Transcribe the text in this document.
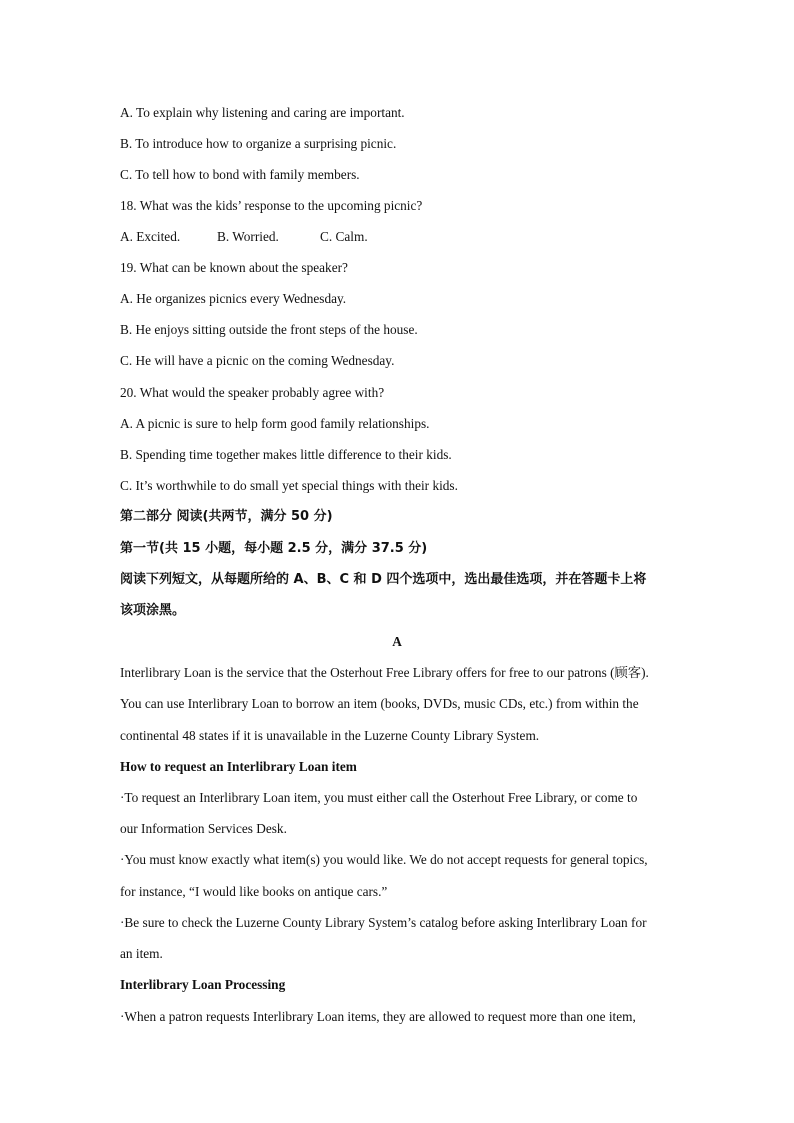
A. To explain why listening and caring are important.
B. To introduce how to organize a surprising picnic.
C. To tell how to bond with family members.
18. What was the kids’ response to the upcoming picnic?
A. Excited.	B. Worried.	C. Calm.
19. What can be known about the speaker?
A. He organizes picnics every Wednesday.
B. He enjoys sitting outside the front steps of the house.
C. He will have a picnic on the coming Wednesday.
20. What would the speaker probably agree with?
A. A picnic is sure to help form good family relationships.
B. Spending time together makes little difference to their kids.
C. It’s worthwhile to do small yet special things with their kids.
第二部分 阅读(共两节，满分 50 分)
第一节(共 15 小题，每小题 2.5 分，满分 37.5 分)
阅读下列短文，从每题所给的 A、B、C 和 D 四个选项中，选出最佳选项，并在答题卡上将
该项涂黑。
A
Interlibrary Loan is the service that the Osterhout Free Library offers for free to our patrons (顾客).
You can use Interlibrary Loan to borrow an item (books, DVDs, music CDs, etc.) from within the
continental 48 states if it is unavailable in the Luzerne County Library System.
How to request an Interlibrary Loan item
·To request an Interlibrary Loan item, you must either call the Osterhout Free Library, or come to
our Information Services Desk.
·You must know exactly what item(s) you would like. We do not accept requests for general topics,
for instance, “I would like books on antique cars.”
·Be sure to check the Luzerne County Library System’s catalog before asking Interlibrary Loan for
an item.
Interlibrary Loan Processing
·When a patron requests Interlibrary Loan items, they are allowed to request more than one item,
